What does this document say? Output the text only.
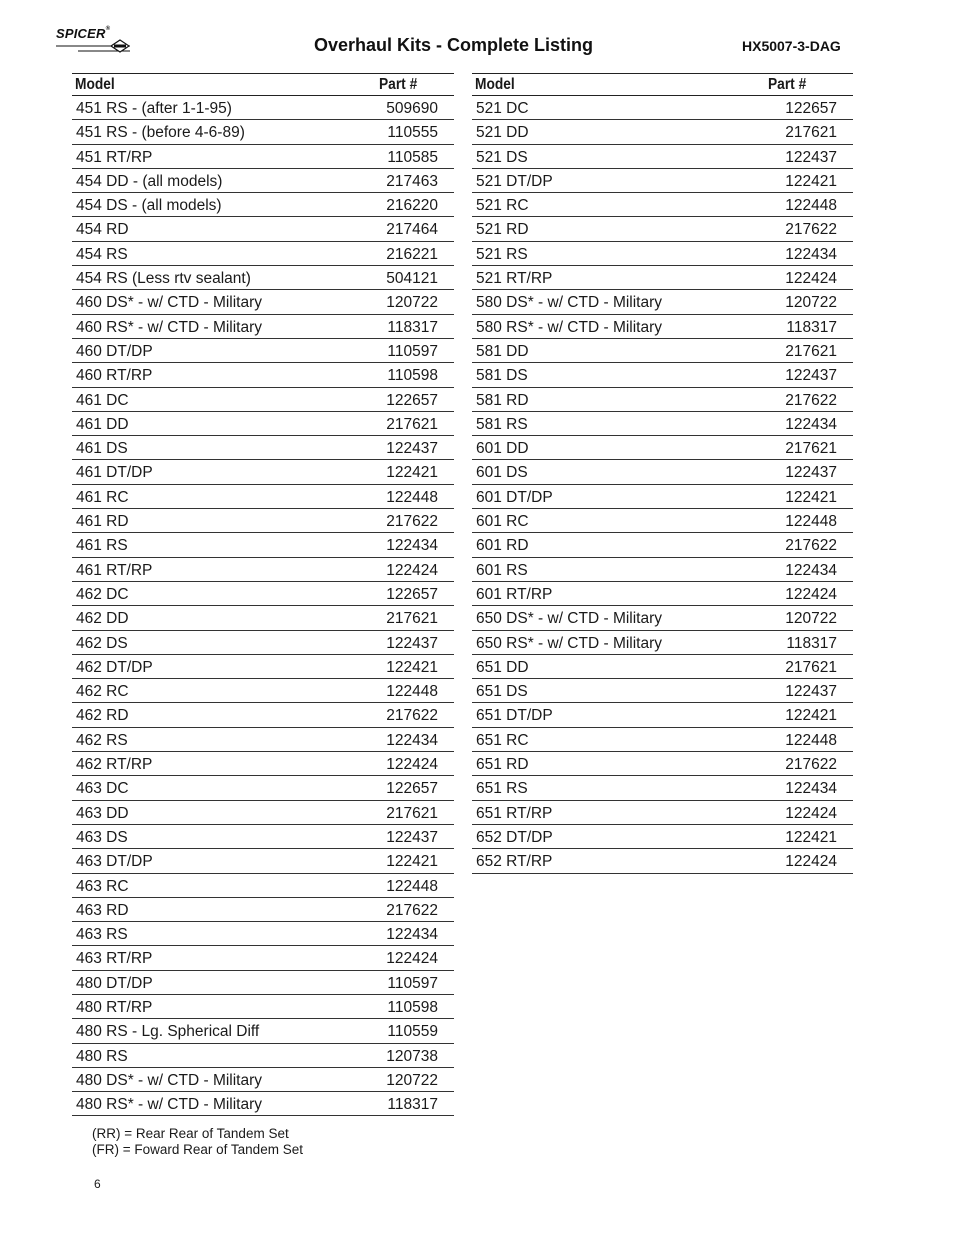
SPICER®
Overhaul Kits - Complete Listing	HX5007-3-DAG
Model	Part #
451 RS - (after 1-1-95)	509690
451 RS - (before 4-6-89)	110555
451 RT/RP	110585
454 DD - (all models)	217463
454 DS - (all models)	216220
454 RD	217464
454 RS	216221
454 RS (Less rtv sealant)	504121
460 DS* - w/ CTD - Military	120722
460 RS* - w/ CTD - Military	118317
460 DT/DP	110597
460 RT/RP	110598
461 DC	122657
461 DD	217621
461 DS	122437
461 DT/DP	122421
461 RC	122448
461 RD	217622
461 RS	122434
461 RT/RP	122424
462 DC	122657
462 DD	217621
462 DS	122437
462 DT/DP	122421
462 RC	122448
462 RD	217622
462 RS	122434
462 RT/RP	122424
463 DC	122657
463 DD	217621
463 DS	122437
463 DT/DP	122421
463 RC	122448
463 RD	217622
463 RS	122434
463 RT/RP	122424
480 DT/DP	110597
480 RT/RP	110598
480 RS - Lg. Spherical Diff	110559
480 RS	120738
480 DS* - w/ CTD - Military	120722
480 RS* - w/ CTD - Military	118317
Model	Part #
521 DC	122657
521 DD	217621
521 DS	122437
521 DT/DP	122421
521 RC	122448
521 RD	217622
521 RS	122434
521 RT/RP	122424
580 DS* - w/ CTD - Military	120722
580 RS* - w/ CTD - Military	118317
581 DD	217621
581 DS	122437
581 RD	217622
581 RS	122434
601 DD	217621
601 DS	122437
601 DT/DP	122421
601 RC	122448
601 RD	217622
601 RS	122434
601 RT/RP	122424
650 DS* - w/ CTD - Military	120722
650 RS* - w/ CTD - Military	118317
651 DD	217621
651 DS	122437
651 DT/DP	122421
651 RC	122448
651 RD	217622
651 RS	122434
651 RT/RP	122424
652 DT/DP	122421
652 RT/RP	122424
(RR) = Rear Rear of Tandem Set
(FR) = Foward Rear of Tandem Set
6
